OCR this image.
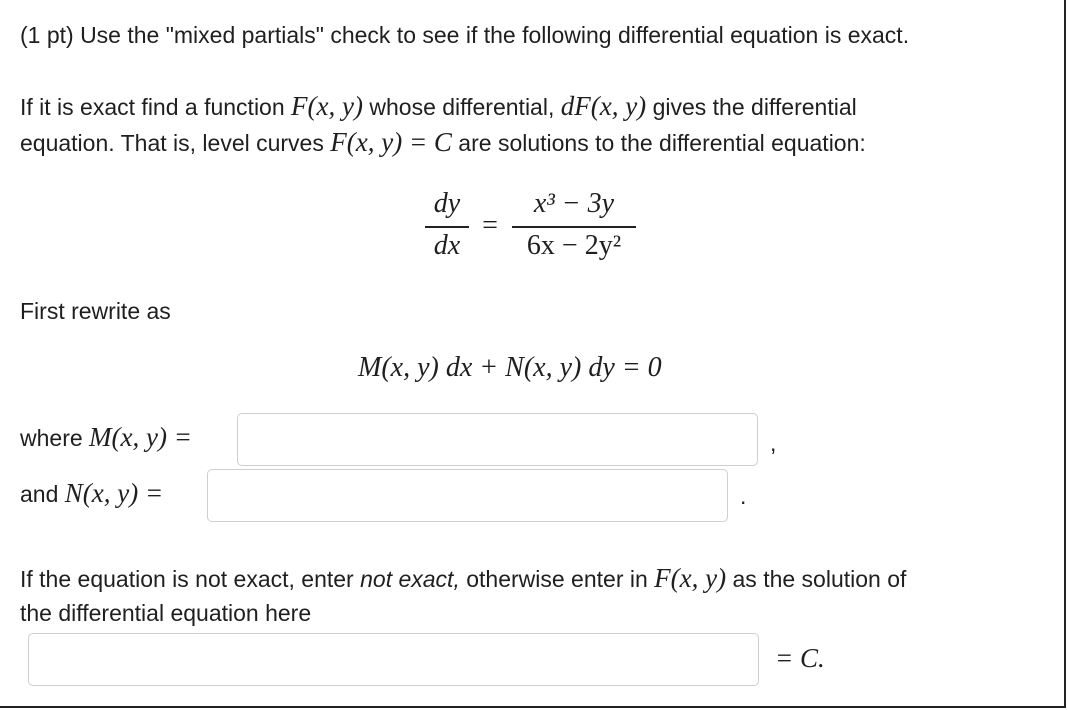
(1 pt) Use the "mixed partials" check to see if the following differential equation is exact.
If it is exact find a function F(x, y) whose differential, dF(x, y) gives the differential
equation. That is, level curves F(x, y) = C are solutions to the differential equation:
dy
dx
=
x³ − 3y
6x − 2y²
First rewrite as
M(x, y) dx + N(x, y) dy = 0
where M(x, y) =	,
and N(x, y) =	.
If the equation is not exact, enter not exact, otherwise enter in F(x, y) as the solution of
the differential equation here
= C.
